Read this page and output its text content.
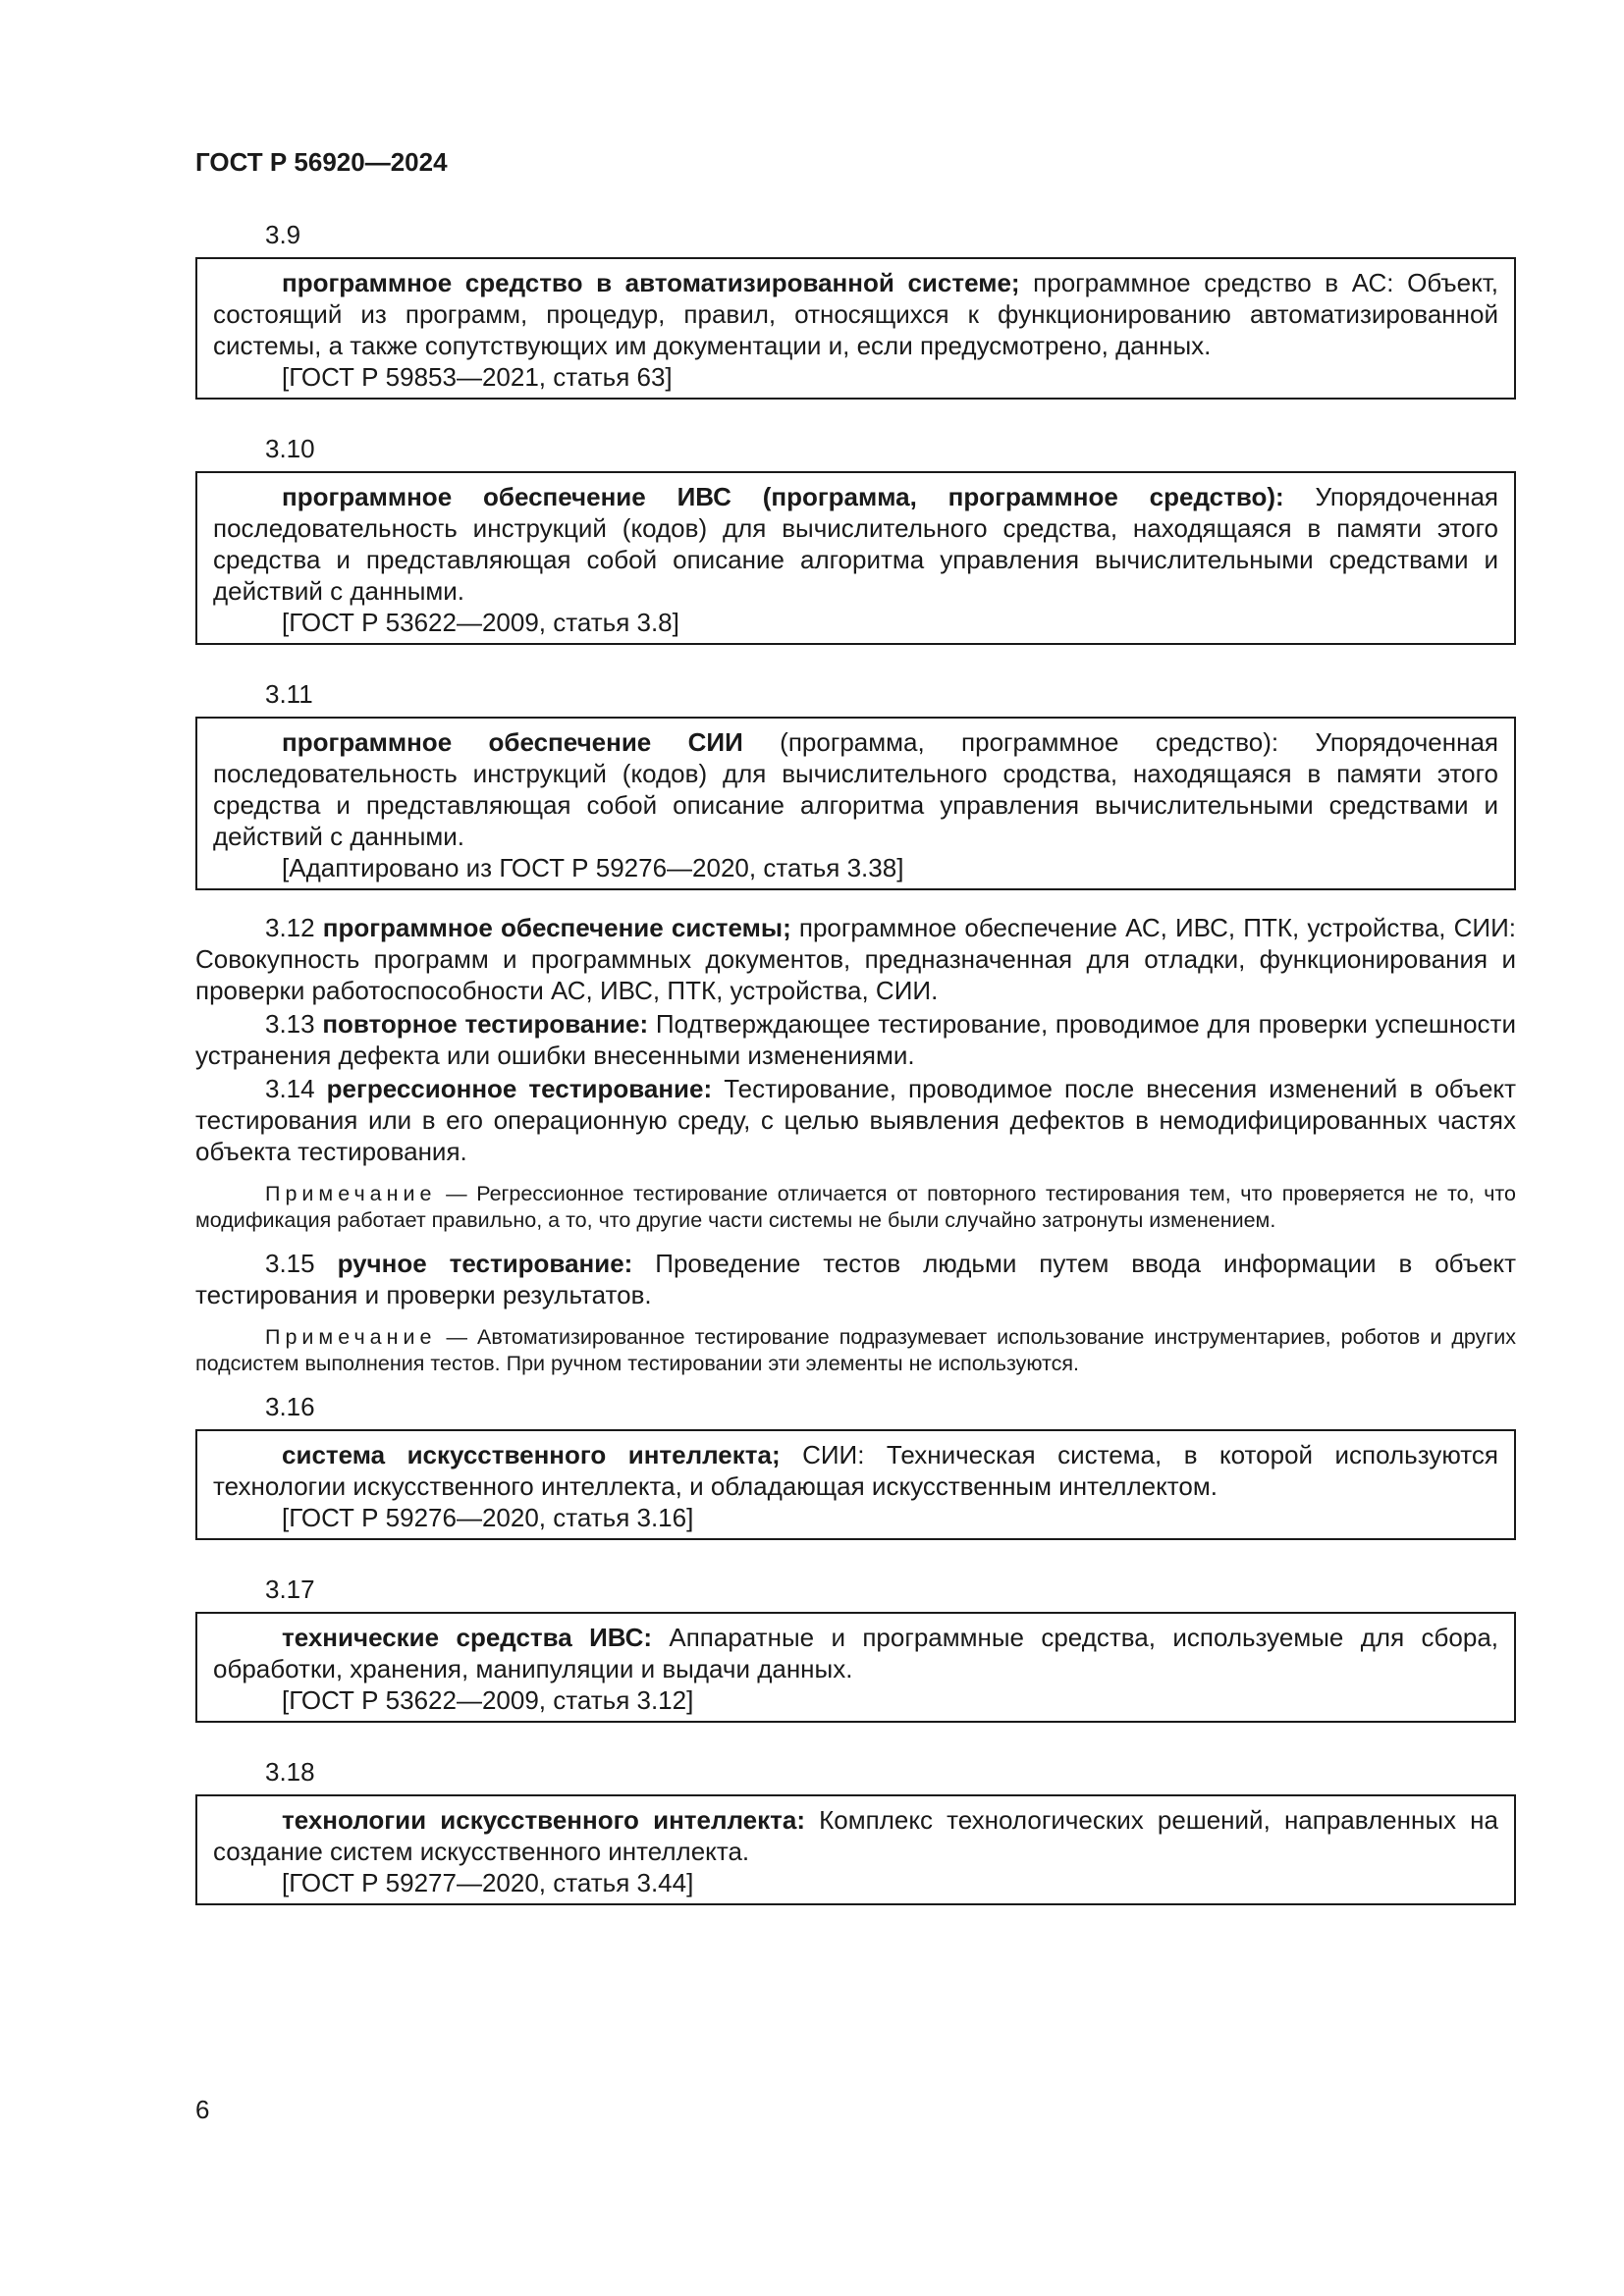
ГОСТ Р 56920—2024
3.9

программное средство в автоматизированной системе; программное средство в АС: Объект, состоящий из программ, процедур, правил, относящихся к функционированию автоматизированной системы, а также сопутствующих им документации и, если предусмотрено, данных.

[ГОСТ Р 59853—2021, статья 63]

3.10

программное обеспечение ИВС (программа, программное средство): Упорядоченная последовательность инструкций (кодов) для вычислительного средства, находящаяся в памяти этого средства и представляющая собой описание алгоритма управления вычислительными средствами и действий с данными.

[ГОСТ Р 53622—2009, статья 3.8]

3.11

программное обеспечение СИИ (программа, программное средство): Упорядоченная последовательность инструкций (кодов) для вычислительного сродства, находящаяся в памяти этого средства и представляющая собой описание алгоритма управления вычислительными средствами и действий с данными.

[Адаптировано из ГОСТ Р 59276—2020, статья 3.38]

3.12 программное обеспечение системы; программное обеспечение АС, ИВС, ПТК, устройства, СИИ: Совокупность программ и программных документов, предназначенная для отладки, функционирования и проверки работоспособности АС, ИВС, ПТК, устройства, СИИ.

3.13 повторное тестирование: Подтверждающее тестирование, проводимое для проверки успешности устранения дефекта или ошибки внесенными изменениями.

3.14 регрессионное тестирование: Тестирование, проводимое после внесения изменений в объект тестирования или в его операционную среду, с целью выявления дефектов в немодифицированных частях объекта тестирования.

Примечание — Регрессионное тестирование отличается от повторного тестирования тем, что проверяется не то, что модификация работает правильно, а то, что другие части системы не были случайно затронуты изменением.

3.15 ручное тестирование: Проведение тестов людьми путем ввода информации в объект тестирования и проверки результатов.

Примечание — Автоматизированное тестирование подразумевает использование инструментариев, роботов и других подсистем выполнения тестов. При ручном тестировании эти элементы не используются.

3.16

система искусственного интеллекта; СИИ: Техническая система, в которой используются технологии искусственного интеллекта, и обладающая искусственным интеллектом.

[ГОСТ Р 59276—2020, статья 3.16]

3.17

технические средства ИВС: Аппаратные и программные средства, используемые для сбора, обработки, хранения, манипуляции и выдачи данных.

[ГОСТ Р 53622—2009, статья 3.12]

3.18

технологии искусственного интеллекта: Комплекс технологических решений, направленных на создание систем искусственного интеллекта.

[ГОСТ Р 59277—2020, статья 3.44]

6
